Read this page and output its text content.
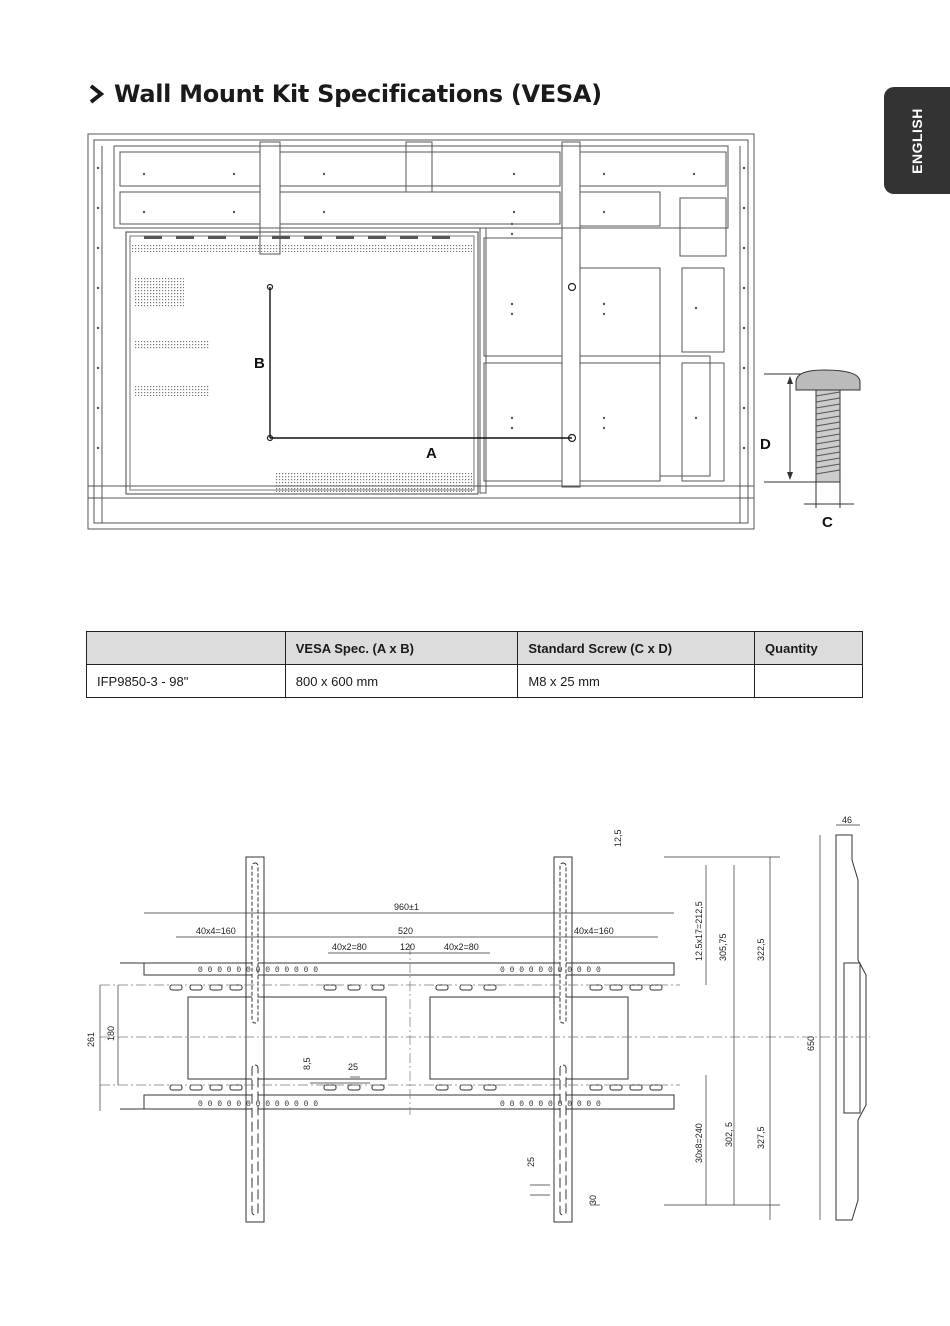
Wall Mount Kit Specifications (VESA)
ENGLISH
B
A
D
C
	VESA Spec. (A x B)	Standard Screw (C x D)	Quantity
IFP9850-3 - 98"	800 x 600 mm	M8 x 25 mm	
0 0 0 0 0 0 0 0 0 0 0 0 0	0 0 0 0 0 0 0 0 0 0 0
0 0 0 0 0 0 0 0 0 0 0 0 0	0 0 0 0 0 0 0 0 0 0 0
960±1
40x4=160	520	40x4=160
40x2=80	120	40x2=80
25
261 180
8,5
12,5
12.5x17=212,5 305,75	322,5
30x8=240 302, 5 327,5
25
30
46
650
